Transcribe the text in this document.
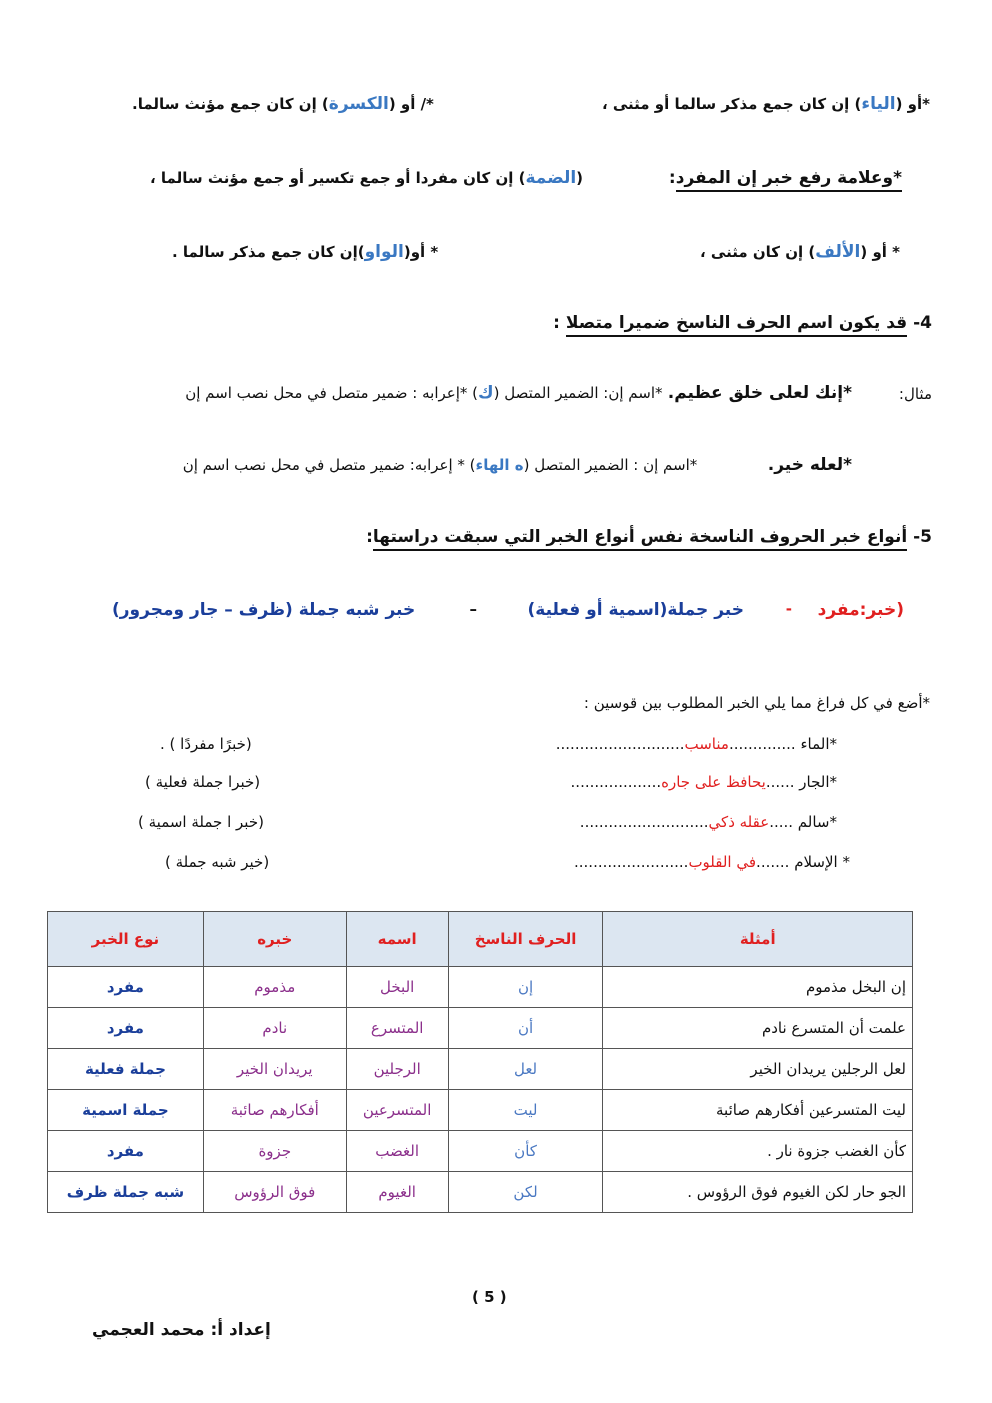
*أو (الياء) إن كان جمع مذكر سالما أو مثنى ،
*/ أو (الكسرة) إن كان جمع مؤنث سالما.
*وعلامة رفع خبر إن المفرد:
(الضمة) إن كان مفردا أو جمع تكسير أو جمع مؤنث سالما ،
* أو (الألف) إن كان مثنى ،
* أو(الواو)إن كان جمع مذكر سالما .
4- قد يكون اسم الحرف الناسخ ضميرا متصلا :
مثال:
*إنك لعلى خلق عظيم. *اسم إن: الضمير المتصل (ك) *إعرابه : ضمير متصل في محل نصب اسم إن
*لعله خير.  *اسم إن : الضمير المتصل (ه الهاء) * إعرابه: ضمير متصل في محل نصب اسم إن
5- أنواع خبر الحروف الناسخة نفس أنواع الخبر التي سبقت دراستها:
(خبر:مفرد
-
خبر جملة(اسمية أو فعلية)
–
خبر شبه جملة (ظرف – جار ومجرور)
*أضع في كل فراغ مما يلي الخبر المطلوب بين قوسين :
*الماء ..............مناسب...........................
(خبرًا مفردًا ) .
*الجار ......يحافظ على جاره...................
(خبرا جملة فعلية )
*سالم .....عقله ذكي...........................
(خبر ا جملة اسمية )
* الإسلام .......في القلوب........................
(خير شبه جملة )
أمثلة	الحرف الناسخ	اسمه	خبره	نوع الخبر
إن البخل مذموم	إن	البخل	مذموم	مفرد
علمت أن المتسرع نادم	أن	المتسرع	نادم	مفرد
لعل الرجلين يريدان الخير	لعل	الرجلين	يريدان الخير	جملة فعلية
ليت المتسرعين أفكارهم صائبة	ليت	المتسرعين	أفكارهم صائبة	جملة اسمية
كأن الغضب جزوة نار .	كأن	الغضب	جزوة	مفرد
الجو حار لكن الغيوم فوق الرؤوس .	لكن	الغيوم	فوق الرؤوس	شبه جملة ظرف
( 5 )
إعداد أ: محمد العجمي
